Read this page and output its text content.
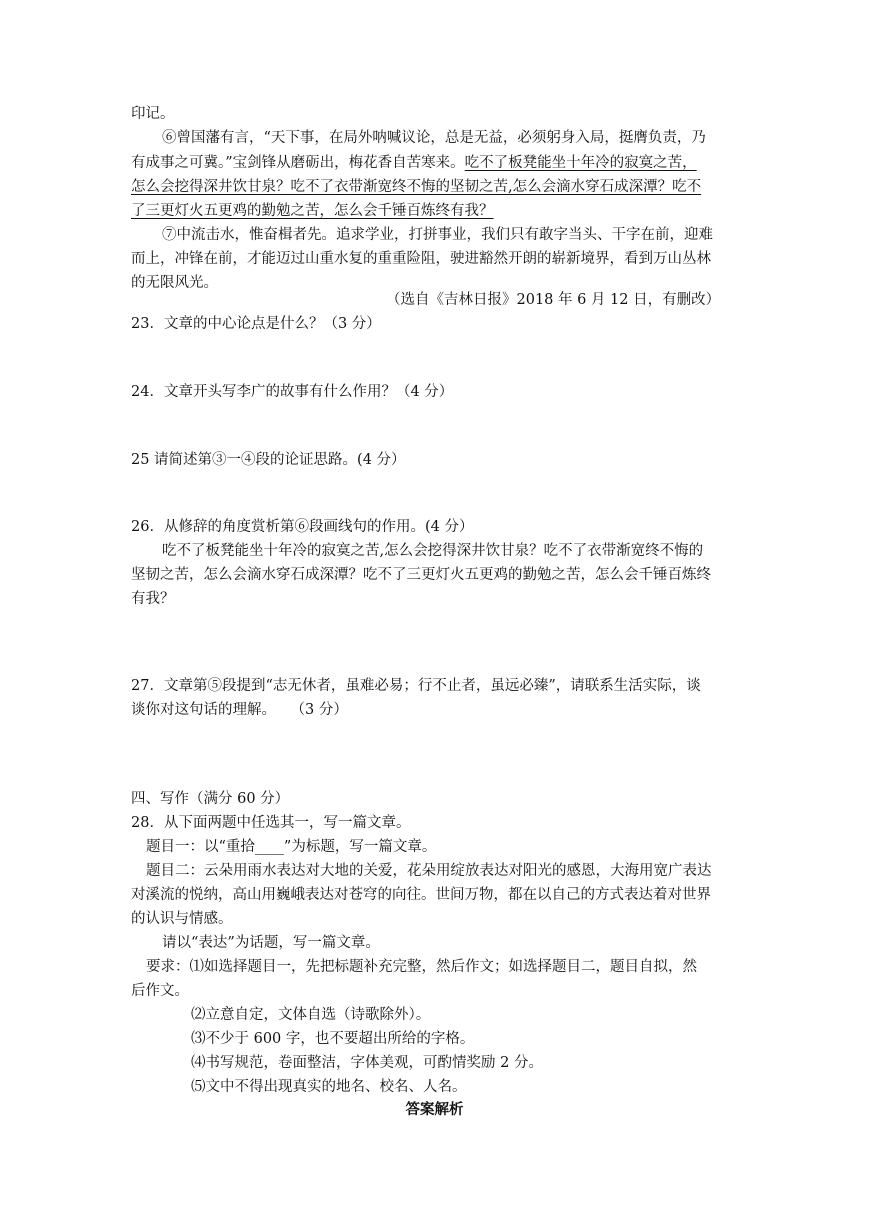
印记。
⑥曾国藩有言，“天下事，在局外呐喊议论，总是无益，必须躬身入局，挺膺负责，乃
有成事之可冀。”宝剑锋从磨砺出，梅花香自苦寒来。吃不了板凳能坐十年冷的寂寞之苦，
怎么会挖得深井饮甘泉？吃不了衣带渐宽终不悔的坚韧之苦,怎么会滴水穿石成深潭？吃不
了三更灯火五更鸡的勤勉之苦，怎么会千锤百炼终有我？
⑦中流击水，惟奋楫者先。追求学业，打拼事业，我们只有敢字当头、干字在前，迎难
而上，冲锋在前，才能迈过山重水复的重重险阻，驶进豁然开朗的崭新境界，看到万山丛林
的无限风光。
（选自《吉林日报》2018 年 6 月 12 日，有删改）
23．文章的中心论点是什么？（3 分）
24．文章开头写李广的故事有什么作用？（4 分）
25 请简述第③一④段的论证思路。(4 分）
26．从修辞的角度赏析第⑥段画线句的作用。(4 分）
吃不了板凳能坐十年冷的寂寞之苦,怎么会挖得深井饮甘泉？吃不了衣带渐宽终不悔的
坚韧之苦，怎么会滴水穿石成深潭？吃不了三更灯火五更鸡的勤勉之苦，怎么会千锤百炼终
有我？
27．文章第⑤段提到“志无休者，虽难必易；行不止者，虽远必臻”，请联系生活实际，谈
谈你对这句话的理解。　　（3 分）
四、写作（满分 60 分）
28．从下面两题中任选其一，写一篇文章。
题目一：以“重拾____”为标题，写一篇文章。
题目二：云朵用雨水表达对大地的关爱，花朵用绽放表达对阳光的感恩，大海用宽广表达
对溪流的悦纳，高山用巍峨表达对苍穹的向往。世间万物，都在以自己的方式表达着对世界
的认识与情感。
请以“表达”为话题，写一篇文章。
要求：⑴如选择题目一，先把标题补充完整，然后作文；如选择题目二，题目自拟，然
后作文。
⑵立意自定，文体自选（诗歌除外）。
⑶不少于 600 字，也不要超出所给的字格。
⑷书写规范，卷面整洁，字体美观，可酌情奖励 2 分。
⑸文中不得出现真实的地名、校名、人名。
答案解析
